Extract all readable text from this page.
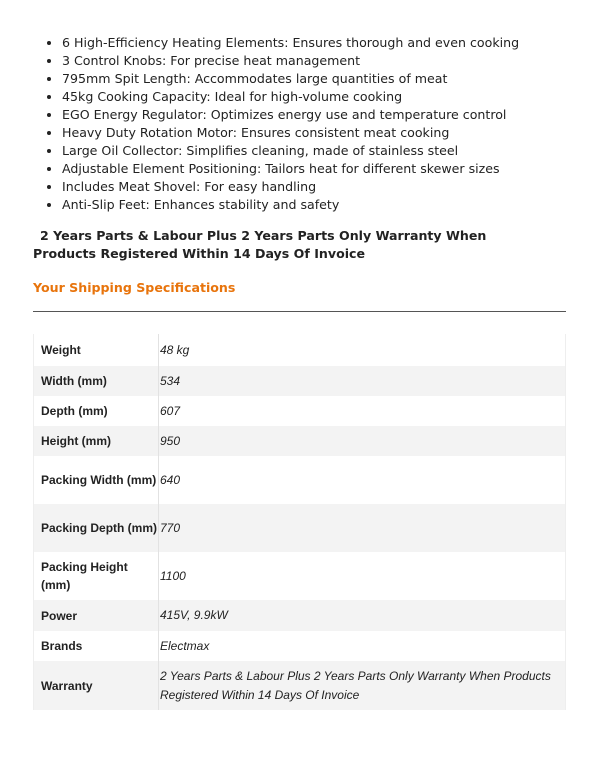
• 6 High-Efficiency Heating Elements: Ensures thorough and even cooking
• 3 Control Knobs: For precise heat management
• 795mm Spit Length: Accommodates large quantities of meat
• 45kg Cooking Capacity: Ideal for high-volume cooking
• EGO Energy Regulator: Optimizes energy use and temperature control
• Heavy Duty Rotation Motor: Ensures consistent meat cooking
• Large Oil Collector: Simplifies cleaning, made of stainless steel
• Adjustable Element Positioning: Tailors heat for different skewer sizes
• Includes Meat Shovel: For easy handling
• Anti-Slip Feet: Enhances stability and safety

2 Years Parts & Labour Plus 2 Years Parts Only Warranty When Products Registered Within 14 Days Of Invoice

Your Shipping Specifications
Weight	48 kg
Width (mm)	534
Depth (mm)	607
Height (mm)	950
Packing Width (mm)	640
Packing Depth (mm)	770
Packing Height (mm)	1100
Power	415V, 9.9kW
Brands	Electmax
Warranty	2 Years Parts & Labour Plus 2 Years Parts Only Warranty When Products Registered Within 14 Days Of Invoice
